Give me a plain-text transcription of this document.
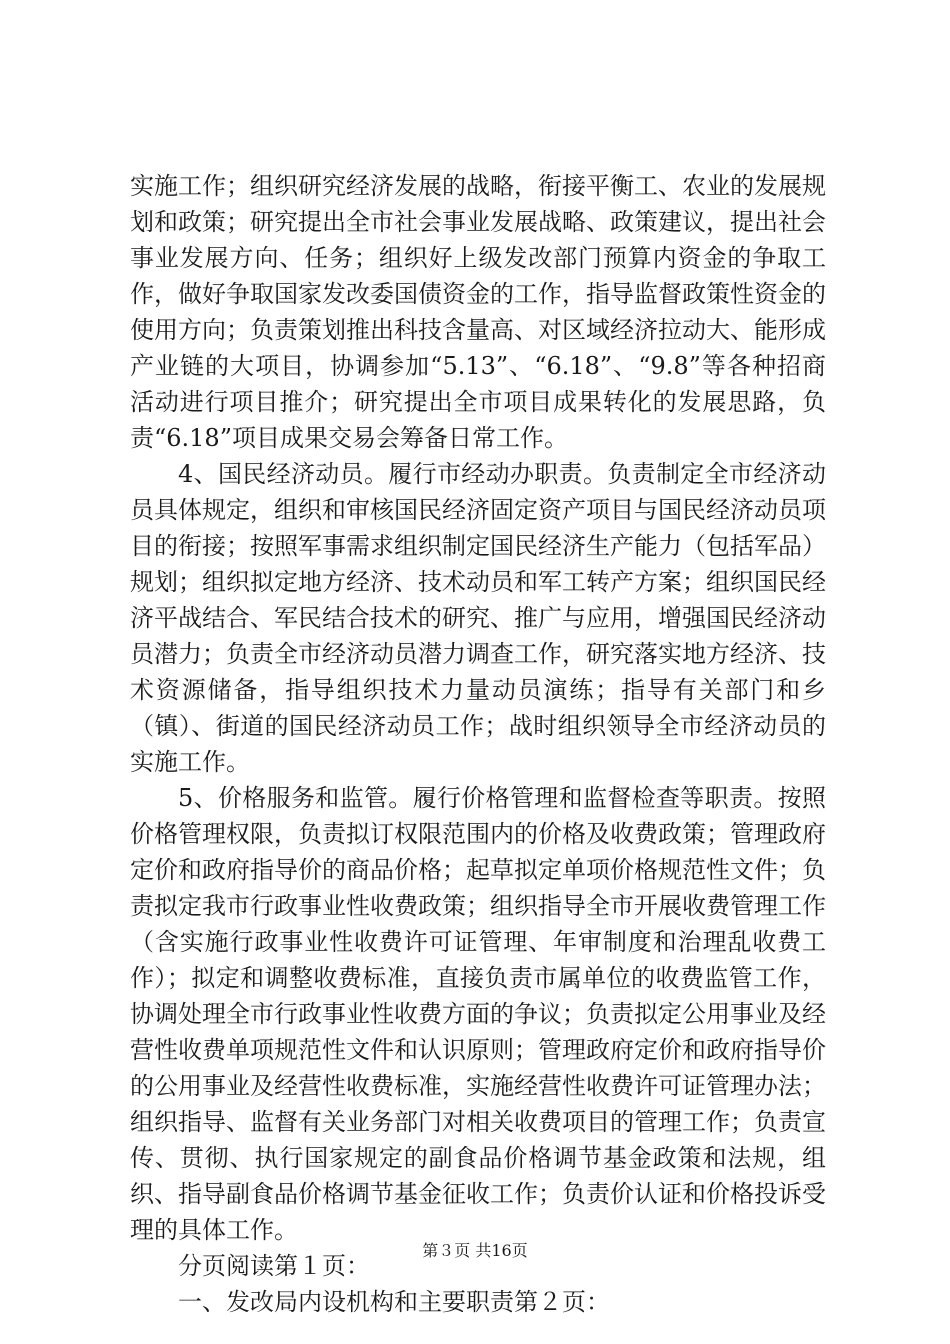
实施工作；组织研究经济发展的战略，衔接平衡工、农业的发展规划和政策；研究提出全市社会事业发展战略、政策建议，提出社会事业发展方向、任务；组织好上级发改部门预算内资金的争取工作，做好争取国家发改委国债资金的工作，指导监督政策性资金的使用方向；负责策划推出科技含量高、对区域经济拉动大、能形成产业链的大项目，协调参加“5.13”、“6.18”、“9.8”等各种招商活动进行项目推介；研究提出全市项目成果转化的发展思路，负责“6.18”项目成果交易会筹备日常工作。

4、国民经济动员。履行市经动办职责。负责制定全市经济动员具体规定，组织和审核国民经济固定资产项目与国民经济动员项目的衔接；按照军事需求组织制定国民经济生产能力（包括军品）规划；组织拟定地方经济、技术动员和军工转产方案；组织国民经济平战结合、军民结合技术的研究、推广与应用，增强国民经济动员潜力；负责全市经济动员潜力调查工作，研究落实地方经济、技术资源储备，指导组织技术力量动员演练；指导有关部门和乡（镇）、街道的国民经济动员工作；战时组织领导全市经济动员的实施工作。

5、价格服务和监管。履行价格管理和监督检查等职责。按照价格管理权限，负责拟订权限范围内的价格及收费政策；管理政府定价和政府指导价的商品价格；起草拟定单项价格规范性文件；负责拟定我市行政事业性收费政策；组织指导全市开展收费管理工作（含实施行政事业性收费许可证管理、年审制度和治理乱收费工作）；拟定和调整收费标准，直接负责市属单位的收费监管工作，协调处理全市行政事业性收费方面的争议；负责拟定公用事业及经营性收费单项规范性文件和认识原则；管理政府定价和政府指导价的公用事业及经营性收费标准，实施经营性收费许可证管理办法；组织指导、监督有关业务部门对相关收费项目的管理工作；负责宣传、贯彻、执行国家规定的副食品价格调节基金政策和法规，组织、指导副食品价格调节基金征收工作；负责价认证和价格投诉受理的具体工作。

分页阅读第１页：

一、发改局内设机构和主要职责第２页：

第３页 共16页
